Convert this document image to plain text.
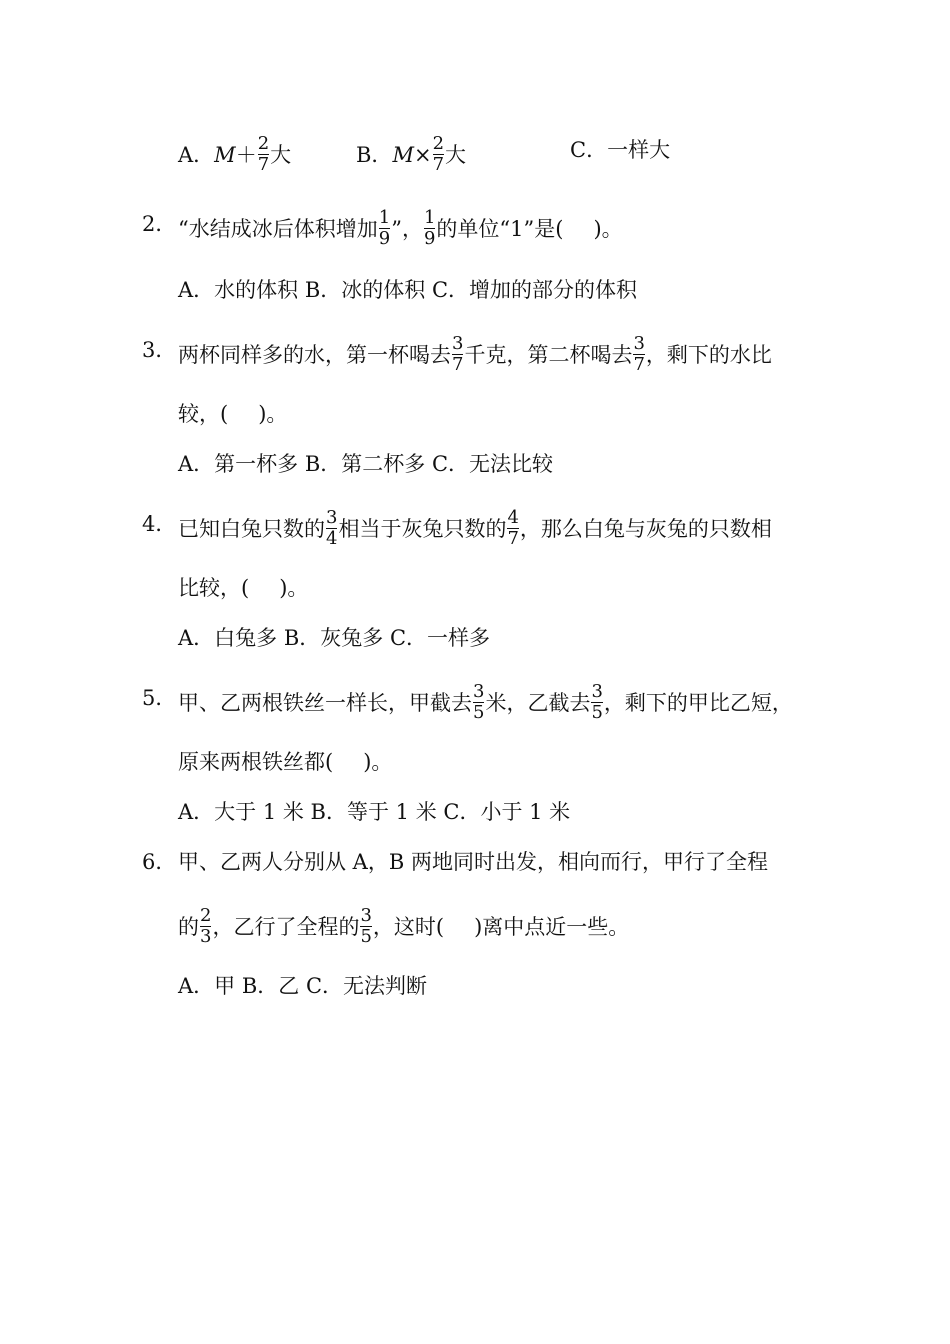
A．$M+ \frac{2}{7}$ 大	B．$M\times \frac{2}{7}$ 大	C．一样大
2． “水结成冰后体积增加 $\frac{1}{9}$ ”， $\frac{1}{9}$ 的单位“1”是( )。
A．水的体积 B．冰的体积 C．增加的部分的体积
3． 两杯同样多的水，第一杯喝去 $\frac{3}{7}$ 千克，第二杯喝去 $\frac{3}{7}$ ，剩下的水比
较，( )。
A．第一杯多 B．第二杯多 C．无法比较
4． 已知白兔只数的 $\frac{3}{4}$ 相当于灰兔只数的 $\frac{4}{7}$ ，那么白兔与灰兔的只数相
比较，( )。
A．白兔多 B．灰兔多 C．一样多
5． 甲、乙两根铁丝一样长，甲截去 $\frac{3}{5}$ 米，乙截去 $\frac{3}{5}$ ，剩下的甲比乙短，
原来两根铁丝都( )。
A．大于 1 米 B．等于 1 米 C．小于 1 米
6． 甲、乙两人分别从 A，B 两地同时出发，相向而行，甲行了全程
的 $\frac{2}{3}$ ，乙行了全程的 $\frac{3}{5}$ ，这时( )离中点近一些。
A．甲 B．乙 C．无法判断
